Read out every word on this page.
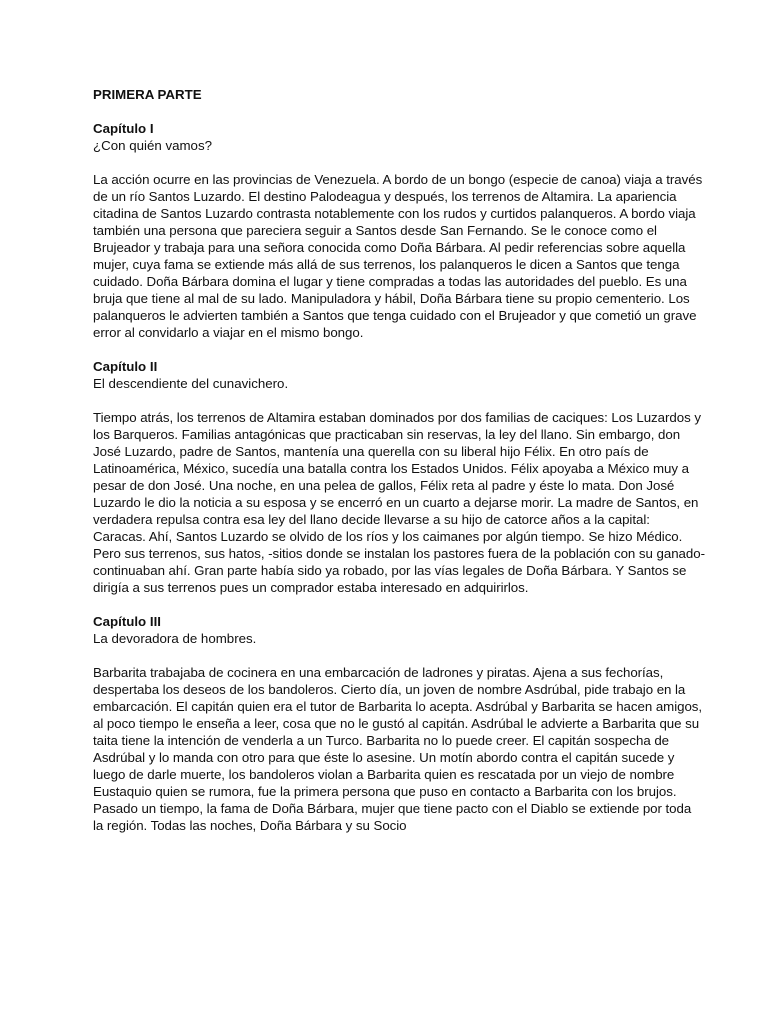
PRIMERA PARTE

Capítulo I

¿Con quién vamos?

La acción ocurre en las provincias de Venezuela. A bordo de un bongo (especie de canoa) viaja a través de un río Santos Luzardo. El destino Palodeagua y después, los terrenos de Altamira. La apariencia citadina de Santos Luzardo contrasta notablemente con los rudos y curtidos palanqueros. A bordo viaja también una persona que pareciera seguir a Santos desde San Fernando. Se le conoce como el Brujeador y trabaja para una señora conocida como Doña Bárbara. Al pedir referencias sobre aquella mujer, cuya fama se extiende más allá de sus terrenos, los palanqueros le dicen a Santos que tenga cuidado. Doña Bárbara domina el lugar y tiene compradas a todas las autoridades del pueblo. Es una bruja que tiene al mal de su lado. Manipuladora y hábil, Doña Bárbara tiene su propio cementerio. Los palanqueros le advierten también a Santos que tenga cuidado con el Brujeador y que cometió un grave error al convidarlo a viajar en el mismo bongo.

Capítulo II

El descendiente del cunavichero.

Tiempo atrás, los terrenos de Altamira estaban dominados por dos familias de caciques: Los Luzardos y los Barqueros. Familias antagónicas que practicaban sin reservas, la ley del llano. Sin embargo, don José Luzardo, padre de Santos, mantenía una querella con su liberal hijo Félix. En otro país de Latinoamérica, México, sucedía una batalla contra los Estados Unidos. Félix apoyaba a México muy a pesar de don José. Una noche, en una pelea de gallos, Félix reta al padre y éste lo mata. Don José Luzardo le dio la noticia a su esposa y se encerró en un cuarto a dejarse morir. La madre de Santos, en verdadera repulsa contra esa ley del llano decide llevarse a su hijo de catorce años a la capital: Caracas. Ahí, Santos Luzardo se olvido de los ríos y los caimanes por algún tiempo. Se hizo Médico. Pero sus terrenos, sus hatos, -sitios donde se instalan los pastores fuera de la población con su ganado- continuaban ahí. Gran parte había sido ya robado, por las vías legales de Doña Bárbara. Y Santos se dirigía a sus terrenos pues un comprador estaba interesado en adquirirlos.

Capítulo III

La devoradora de hombres.

Barbarita trabajaba de cocinera en una embarcación de ladrones y piratas. Ajena a sus fechorías, despertaba los deseos de los bandoleros. Cierto día, un joven de nombre Asdrúbal, pide trabajo en la embarcación. El capitán quien era el tutor de Barbarita lo acepta. Asdrúbal y Barbarita se hacen amigos, al poco tiempo le enseña a leer, cosa que no le gustó al capitán. Asdrúbal le advierte a Barbarita que su taita tiene la intención de venderla a un Turco. Barbarita no lo puede creer. El capitán sospecha de Asdrúbal y lo manda con otro para que éste lo asesine. Un motín abordo contra el capitán sucede y luego de darle muerte, los bandoleros violan a Barbarita quien es rescatada por un viejo de nombre Eustaquio quien se rumora, fue la primera persona que puso en contacto a Barbarita con los brujos. Pasado un tiempo, la fama de Doña Bárbara, mujer que tiene pacto con el Diablo se extiende por toda la región. Todas las noches, Doña Bárbara y su Socio
